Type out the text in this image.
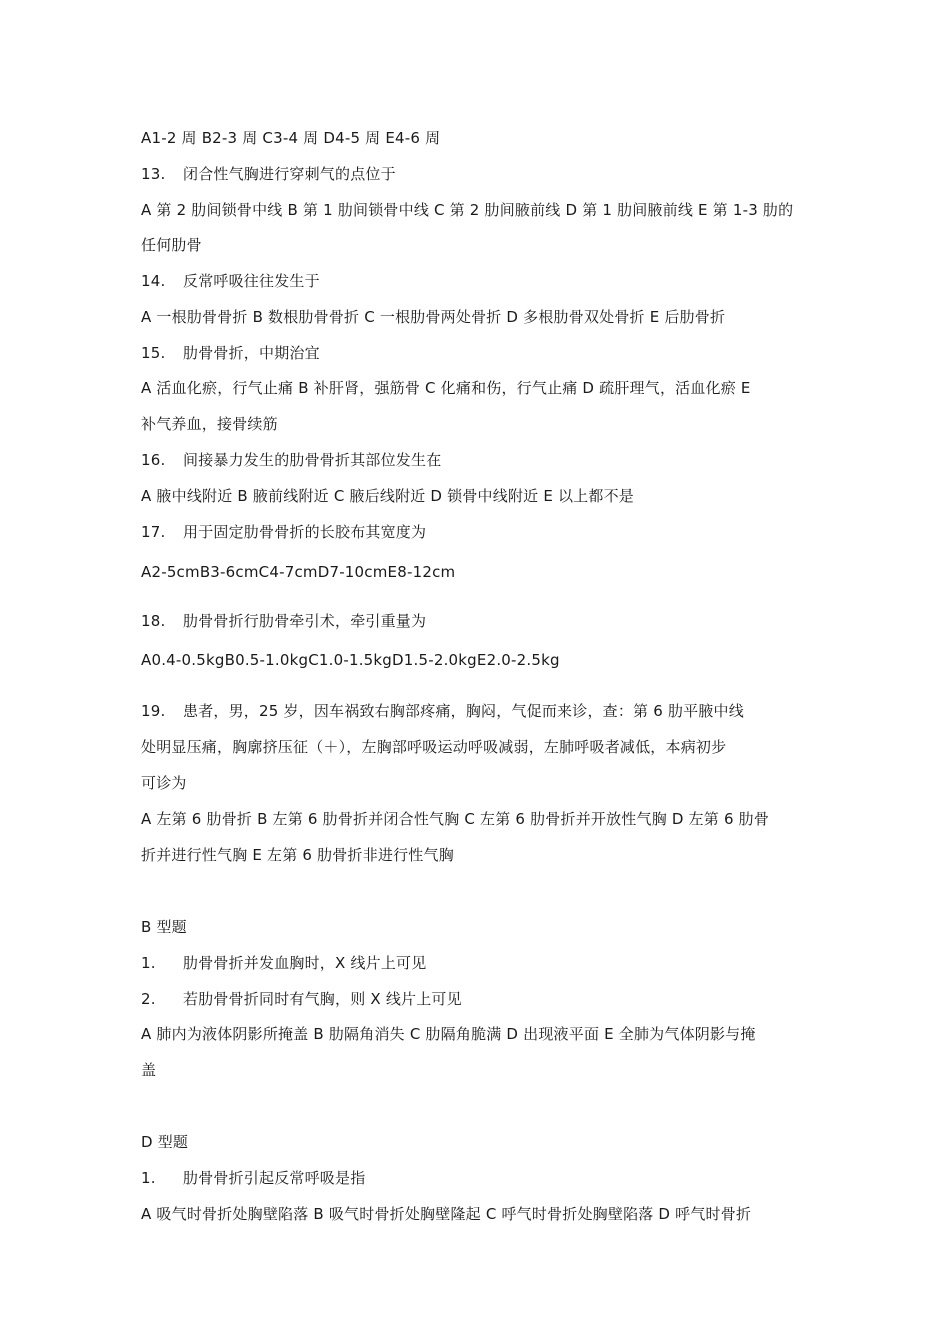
A1-2 周 B2-3 周 C3-4 周 D4-5 周 E4-6 周
13. 闭合性气胸进行穿刺气的点位于
A 第 2 肋间锁骨中线 B 第 1 肋间锁骨中线 C 第 2 肋间腋前线 D 第 1 肋间腋前线 E 第 1-3 肋的
任何肋骨
14. 反常呼吸往往发生于
A 一根肋骨骨折 B 数根肋骨骨折 C 一根肋骨两处骨折 D 多根肋骨双处骨折 E 后肋骨折
15. 肋骨骨折，中期治宜
A 活血化瘀，行气止痛 B 补肝肾，强筋骨 C 化痛和伤，行气止痛 D 疏肝理气，活血化瘀 E
补气养血，接骨续筋
16. 间接暴力发生的肋骨骨折其部位发生在
A 腋中线附近 B 腋前线附近 C 腋后线附近 D 锁骨中线附近 E 以上都不是
17. 用于固定肋骨骨折的长胶布其宽度为
A2-5cmB3-6cmC4-7cmD7-10cmE8-12cm
18. 肋骨骨折行肋骨牵引术，牵引重量为
A0.4-0.5kgB0.5-1.0kgC1.0-1.5kgD1.5-2.0kgE2.0-2.5kg
19. 患者，男，25 岁，因车祸致右胸部疼痛，胸闷，气促而来诊，查：第 6 肋平腋中线
处明显压痛，胸廓挤压征（＋），左胸部呼吸运动呼吸减弱，左肺呼吸者减低，本病初步
可诊为
A 左第 6 肋骨折 B 左第 6 肋骨折并闭合性气胸 C 左第 6 肋骨折并开放性气胸 D 左第 6 肋骨
折并进行性气胸 E 左第 6 肋骨折非进行性气胸
B 型题
1. 肋骨骨折并发血胸时，X 线片上可见
2. 若肋骨骨折同时有气胸，则 X 线片上可见
A 肺内为液体阴影所掩盖 B 肋隔角消失 C 肋隔角脆满 D 出现液平面 E 全肺为气体阴影与掩
盖
D 型题
1. 肋骨骨折引起反常呼吸是指
A 吸气时骨折处胸壁陷落 B 吸气时骨折处胸壁隆起 C 呼气时骨折处胸壁陷落 D 呼气时骨折
